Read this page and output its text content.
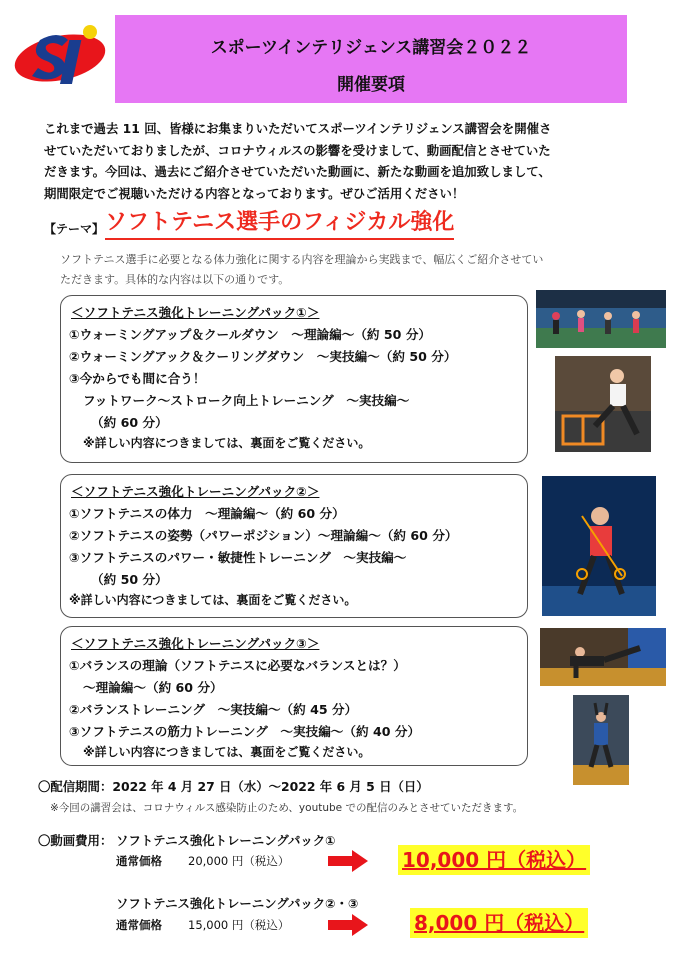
スポーツインテリジェンス講習会２０２２
開催要項
これまで過去 11 回、皆様にお集まりいただいてスポーツインテリジェンス講習会を開催さ
せていただいておりましたが、コロナウィルスの影響を受けまして、動画配信とさせていた
だきます。今回は、過去にご紹介させていただいた動画に、新たな動画を追加致しまして、
期間限定でご視聴いただける内容となっております。ぜひご活用ください！
【テーマ】 ソフトテニス選手のフィジカル強化
ソフトテニス選手に必要となる体力強化に関する内容を理論から実践まで、幅広くご紹介させてい
ただきます。具体的な内容は以下の通りです。
＜ソフトテニス強化トレーニングパック①＞
①ウォーミングアップ＆クールダウン　～理論編～（約 50 分）
②ウォーミングアック＆クーリングダウン　～実技編～（約 50 分）
③今からでも間に合う！
フットワーク～ストローク向上トレーニング　～実技編～
（約 60 分）
※詳しい内容につきましては、裏面をご覧ください。
＜ソフトテニス強化トレーニングパック②＞
①ソフトテニスの体力　～理論編～（約 60 分）
②ソフトテニスの姿勢（パワーポジション）～理論編～（約 60 分）
③ソフトテニスのパワー・敏捷性トレーニング　～実技編～
（約 50 分）
※詳しい内容につきましては、裏面をご覧ください。
＜ソフトテニス強化トレーニングパック③＞
①バランスの理論（ソフトテニスに必要なバランスとは？）
～理論編～（約 60 分）
②バランストレーニング　～実技編～（約 45 分）
③ソフトテニスの筋力トレーニング　～実技編～（約 40 分）
※詳しい内容につきましては、裏面をご覧ください。
〇配信期間：2022 年 4 月 27 日（水）～2022 年 6 月 5 日（日）
※今回の講習会は、コロナウィルス感染防止のため、youtube での配信のみとさせていただきます。
〇動画費用： ソフトテニス強化トレーニングパック①
通常価格 20,000 円（税込）	10,000 円（税込）
ソフトテニス強化トレーニングパック②・③
通常価格 15,000 円（税込）	8,000 円（税込）
